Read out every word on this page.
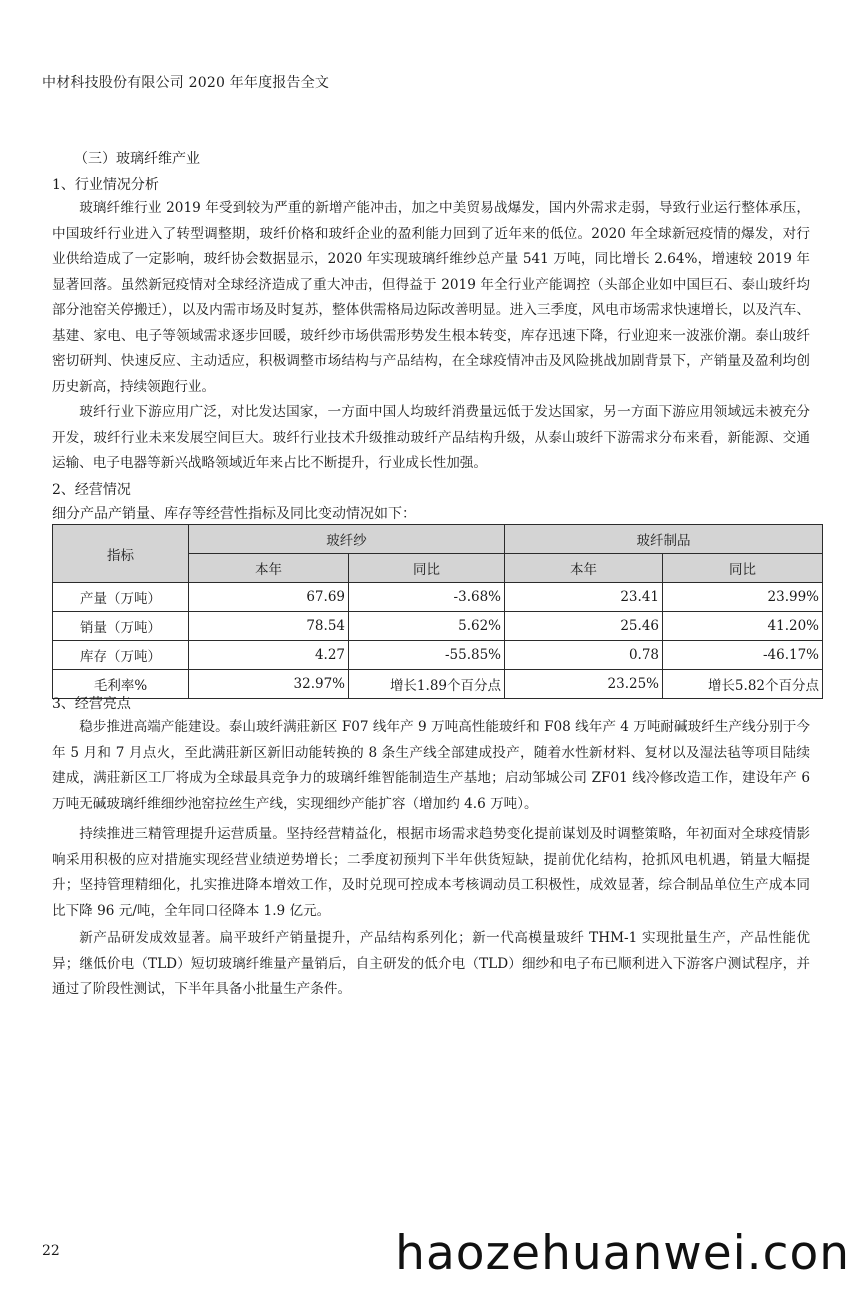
中材科技股份有限公司 2020 年年度报告全文
（三）玻璃纤维产业
1、行业情况分析

玻璃纤维行业 2019 年受到较为严重的新增产能冲击，加之中美贸易战爆发，国内外需求走弱，导致行业运行整体承压，中国玻纤行业进入了转型调整期，玻纤价格和玻纤企业的盈利能力回到了近年来的低位。2020 年全球新冠疫情的爆发，对行业供给造成了一定影响，玻纤协会数据显示，2020 年实现玻璃纤维纱总产量 541 万吨，同比增长 2.64%，增速较 2019 年显著回落。虽然新冠疫情对全球经济造成了重大冲击，但得益于 2019 年全行业产能调控（头部企业如中国巨石、泰山玻纤均部分池窑关停搬迁），以及内需市场及时复苏，整体供需格局边际改善明显。进入三季度，风电市场需求快速增长，以及汽车、基建、家电、电子等领域需求逐步回暖，玻纤纱市场供需形势发生根本转变，库存迅速下降，行业迎来一波涨价潮。泰山玻纤密切研判、快速反应、主动适应，积极调整市场结构与产品结构，在全球疫情冲击及风险挑战加剧背景下，产销量及盈利均创历史新高，持续领跑行业。

玻纤行业下游应用广泛，对比发达国家，一方面中国人均玻纤消费量远低于发达国家，另一方面下游应用领域远未被充分开发，玻纤行业未来发展空间巨大。玻纤行业技术升级推动玻纤产品结构升级，从泰山玻纤下游需求分布来看，新能源、交通运输、电子电器等新兴战略领域近年来占比不断提升，行业成长性加强。

2、经营情况
细分产品产销量、库存等经营性指标及同比变动情况如下：
指标	玻纤纱		玻纤制品	
	本年	同比	本年	同比
产量（万吨）	67.69	-3.68%	23.41	23.99%
销量（万吨）	78.54	5.62%	25.46	41.20%
库存（万吨）	4.27	-55.85%	0.78	-46.17%
毛利率%	32.97%	增长1.89个百分点	23.25%	增长5.82个百分点
3、经营亮点

稳步推进高端产能建设。泰山玻纤满莊新区 F07 线年产 9 万吨高性能玻纤和 F08 线年产 4 万吨耐碱玻纤生产线分别于今年 5 月和 7 月点火，至此满莊新区新旧动能转换的 8 条生产线全部建成投产，随着水性新材料、复材以及湿法毡等项目陆续建成，满莊新区工厂将成为全球最具竞争力的玻璃纤维智能制造生产基地；启动邹城公司 ZF01 线冷修改造工作，建设年产 6 万吨无碱玻璃纤维细纱池窑拉丝生产线，实现细纱产能扩容（增加约 4.6 万吨）。

持续推进三精管理提升运营质量。坚持经营精益化，根据市场需求趋势变化提前谋划及时调整策略，年初面对全球疫情影响采用积极的应对措施实现经营业绩逆势增长；二季度初预判下半年供货短缺，提前优化结构，抢抓风电机遇，销量大幅提升；坚持管理精细化，扎实推进降本增效工作，及时兑现可控成本考核调动员工积极性，成效显著，综合制品单位生产成本同比下降 96 元/吨，全年同口径降本 1.9 亿元。

新产品研发成效显著。扁平玻纤产销量提升，产品结构系列化；新一代高模量玻纤 THM-1 实现批量生产，产品性能优异；继低价电（TLD）短切玻璃纤维量产量销后，自主研发的低介电（TLD）细纱和电子布已顺利进入下游客户测试程序，并通过了阶段性测试，下半年具备小批量生产条件。

22	haozehuanwei.con
